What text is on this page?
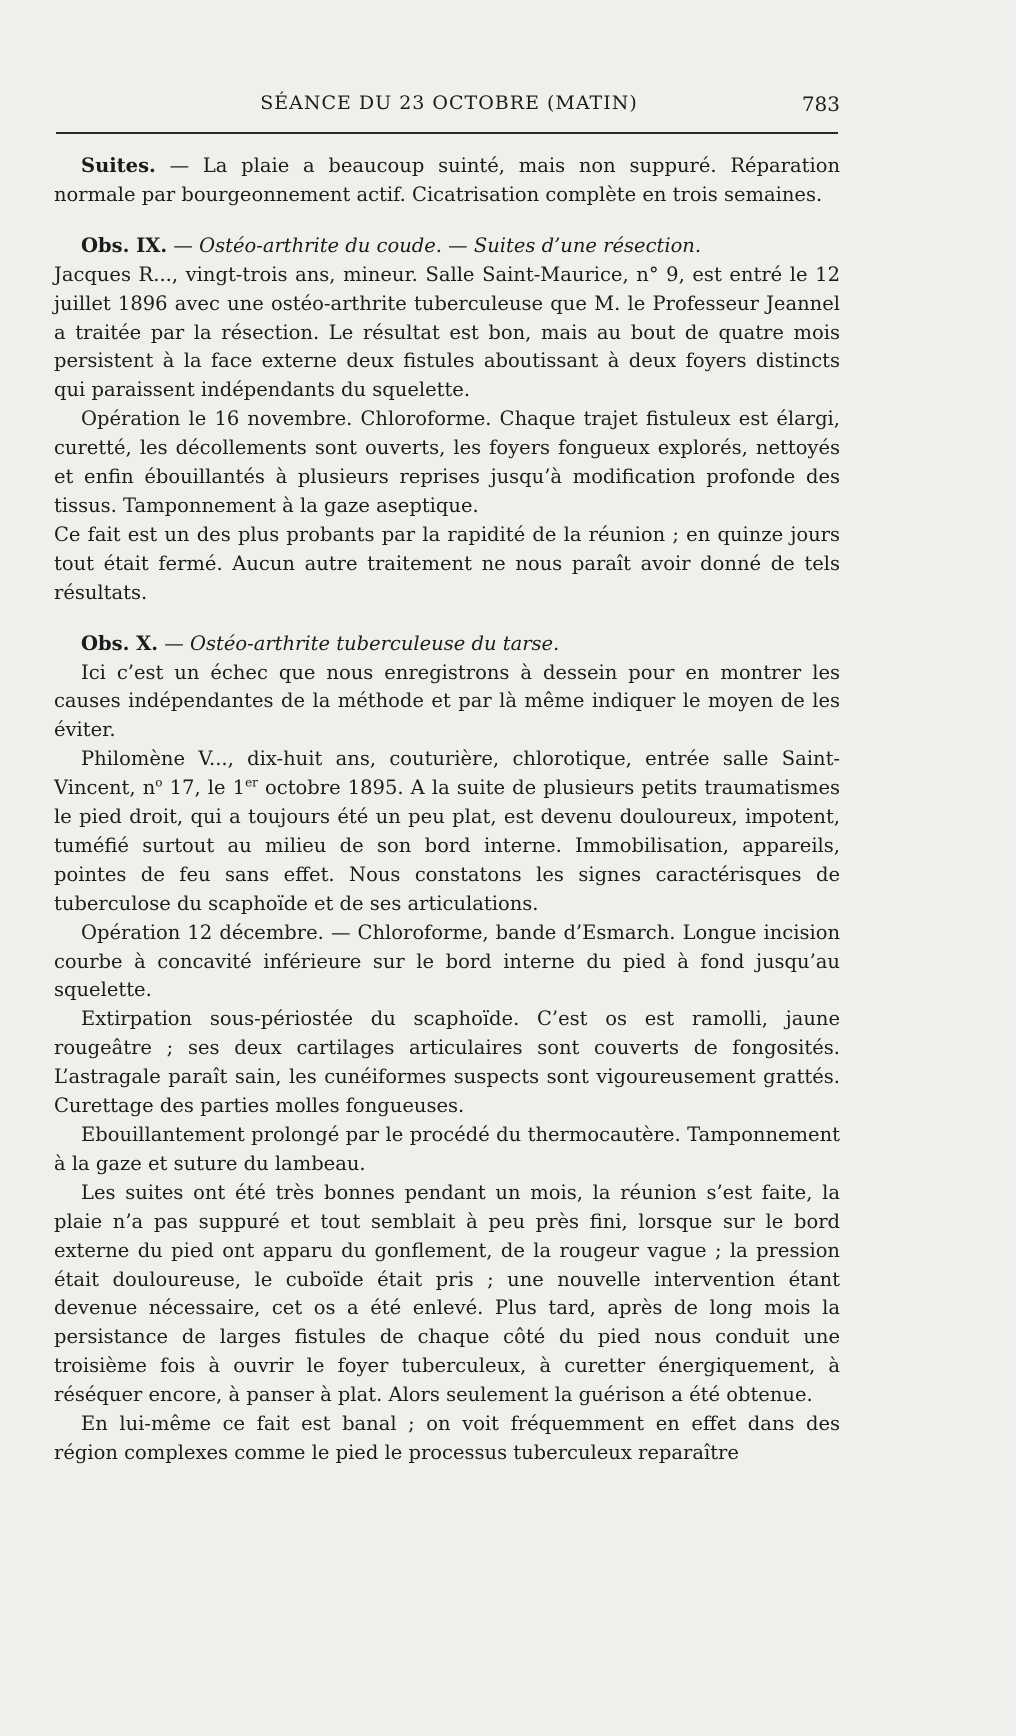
SÉANCE DU 23 OCTOBRE (MATIN)	783

Suites. — La plaie a beaucoup suinté, mais non suppuré. Réparation normale par bourgeonnement actif. Cicatrisation complète en trois semaines.

Obs. IX. — Ostéo-arthrite du coude. — Suites d’une résection.

Jacques R..., vingt-trois ans, mineur. Salle Saint-Maurice, n° 9, est entré le 12 juillet 1896 avec une ostéo-arthrite tuberculeuse que M. le Professeur Jeannel a traitée par la résection. Le résultat est bon, mais au bout de quatre mois persistent à la face externe deux fistules aboutissant à deux foyers distincts qui paraissent indépendants du squelette.

Opération le 16 novembre. Chloroforme. Chaque trajet fistuleux est élargi, curetté, les décollements sont ouverts, les foyers fongueux explorés, nettoyés et enfin ébouillantés à plusieurs reprises jusqu’à modification profonde des tissus. Tamponnement à la gaze aseptique.

Ce fait est un des plus probants par la rapidité de la réunion ; en quinze jours tout était fermé. Aucun autre traitement ne nous paraît avoir donné de tels résultats.

Obs. X. — Ostéo-arthrite tuberculeuse du tarse.

Ici c’est un échec que nous enregistrons à dessein pour en montrer les causes indépendantes de la méthode et par là même indiquer le moyen de les éviter.

Philomène V..., dix-huit ans, couturière, chlorotique, entrée salle Saint-Vincent, $n^o$ 17, le 1er octobre 1895. A la suite de plusieurs petits traumatismes le pied droit, qui a toujours été un peu plat, est devenu douloureux, impotent, tuméfié surtout au milieu de son bord interne. Immobilisation, appareils, pointes de feu sans effet. Nous constatons les signes caractérisques de tuberculose du scaphoïde et de ses articulations.

Opération 12 décembre. — Chloroforme, bande d’Esmarch. Longue incision courbe à concavité inférieure sur le bord interne du pied à fond jusqu’au squelette.

Extirpation sous-périostée du scaphoïde. C’est os est ramolli, jaune rougeâtre ; ses deux cartilages articulaires sont couverts de fongosités. L’astragale paraît sain, les cunéiformes suspects sont vigoureusement grattés. Curettage des parties molles fongueuses.

Ebouillantement prolongé par le procédé du thermocautère. Tamponnement à la gaze et suture du lambeau.

Les suites ont été très bonnes pendant un mois, la réunion s’est faite, la plaie n’a pas suppuré et tout semblait à peu près fini, lorsque sur le bord externe du pied ont apparu du gonflement, de la rougeur vague ; la pression était douloureuse, le cuboïde était pris ; une nouvelle intervention étant devenue nécessaire, cet os a été enlevé. Plus tard, après de long mois la persistance de larges fistules de chaque côté du pied nous conduit une troisième fois à ouvrir le foyer tuberculeux, à curetter énergiquement, à réséquer encore, à panser à plat. Alors seulement la guérison a été obtenue.

En lui-même ce fait est banal ; on voit fréquemment en effet dans des région complexes comme le pied le processus tuberculeux reparaître
